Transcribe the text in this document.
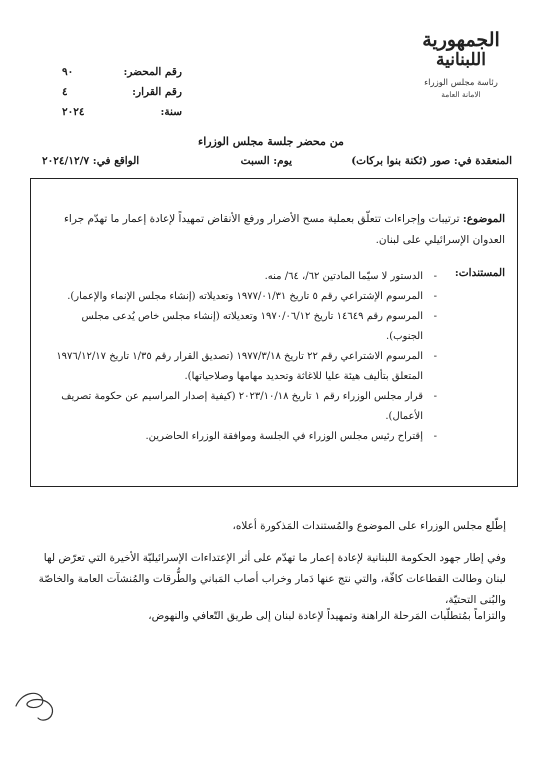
الجمهورية
اللبنانية
رئاسة مجلس الوزراء
الامانة العامة
رقم المحضر:
٩٠
رقم القرار:
٤
سنة:
٢٠٢٤
من محضر جلسة مجلس الوزراء
المنعقدة في: صور (ثكنة بنوا بركات)
يوم: السبت
الواقع في: ٢٠٢٤/١٢/٧
الموضوع: ترتيبات وإجراءات تتعلّق بعملية مسح الأضرار ورفع الأنقاض تمهيداً لإعادة إعمار ما تهدّم جراء العدوان الإسرائيلي على لبنان.
المستندات:
- الدستور لا سيّما المادتين ٦٢/، ٦٤/ منه.
- المرسوم الإشتراعي رقم ٥ تاريخ ١٩٧٧/٠١/٣١ وتعديلاته (إنشاء مجلس الإنماء والإعمار).
- المرسوم رقم ١٤٦٤٩ تاريخ ١٩٧٠/٠٦/١٢ وتعديلاته (إنشاء مجلس خاص يُدعى مجلس الجنوب).
- المرسوم الاشتراعي رقم ٢٢ تاريخ ١٩٧٧/٣/١٨ (تصديق القرار رقم ١/٣٥ تاريخ ١٩٧٦/١٢/١٧ المتعلق بتأليف هيئة عليا للاغاثة وتحديد مهامها وصلاحياتها).
- قرار مجلس الوزراء رقم ١ تاريخ ٢٠٢٣/١٠/١٨ (كيفية إصدار المراسيم عن حكومة تصريف الأعمال).
- إقتراح رئيس مجلس الوزراء في الجلسة وموافقة الوزراء الحاضرين.
إطّلع مجلس الوزراء على الموضوع والمُستندات المَذكورة أعلاه،
وفي إطار جهود الحكومة اللبنانية لإعادة إعمار ما تهدّم على أثر الإعتداءات الإسرائيليّة الأخيرة التي تعرّض لها لبنان وطالت القطاعات كافّة، والتي نتج عنها دَمار وخراب أصاب المَباني والطُّرقات والمُنشآت العامة والخاصّة والبُنى التحتيّة،
والتزاماً بمُتطلّبات المَرحلة الراهنة وتمهيداً لإعادة لبنان إلى طريق التّعافي والنهوض،
